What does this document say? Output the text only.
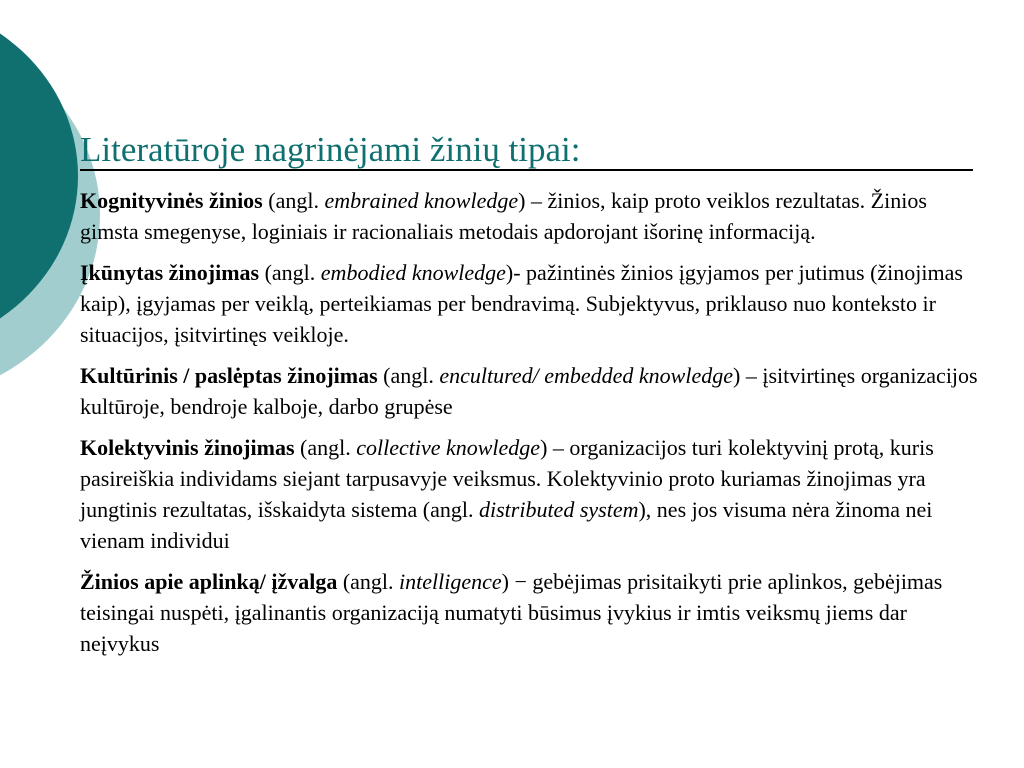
Literatūroje nagrinėjami žinių tipai:

Kognityvinės žinios (angl. embrained knowledge) – žinios, kaip proto veiklos rezultatas. Žinios gimsta smegenyse, loginiais ir racionaliais metodais apdorojant išorinę informaciją.

Įkūnytas žinojimas (angl. embodied knowledge)- pažintinės žinios įgyjamos per jutimus (žinojimas kaip), įgyjamas per veiklą, perteikiamas per bendravimą. Subjektyvus, priklauso nuo konteksto ir situacijos, įsitvirtinęs veikloje.

Kultūrinis / paslėptas žinojimas (angl. encultured/ embedded knowledge) – įsitvirtinęs organizacijos kultūroje, bendroje kalboje, darbo grupėse

Kolektyvinis žinojimas (angl. collective knowledge) – organizacijos turi kolektyvinį protą, kuris pasireiškia individams siejant tarpusavyje veiksmus. Kolektyvinio proto kuriamas žinojimas yra jungtinis rezultatas, išskaidyta sistema (angl. distributed system), nes jos visuma nėra žinoma nei vienam individui

Žinios apie aplinką/ įžvalga (angl. intelligence) − gebėjimas prisitaikyti prie aplinkos, gebėjimas teisingai nuspėti, įgalinantis organizaciją numatyti būsimus įvykius ir imtis veiksmų jiems dar neįvykus
